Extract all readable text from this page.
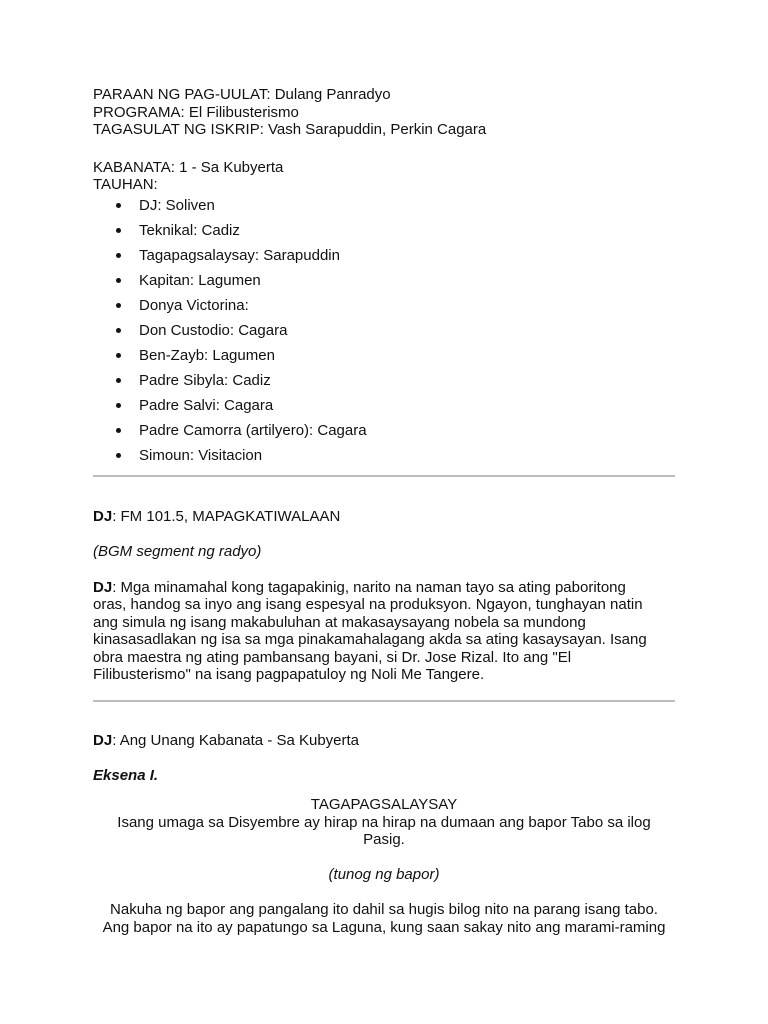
PARAAN NG PAG-UULAT: Dulang Panradyo
PROGRAMA: El Filibusterismo
TAGASULAT NG ISKRIP: Vash Sarapuddin, Perkin Cagara
KABANATA: 1 - Sa Kubyerta
TAUHAN:
DJ: Soliven
Teknikal: Cadiz
Tagapagsalaysay: Sarapuddin
Kapitan: Lagumen
Donya Victorina:
Don Custodio: Cagara
Ben-Zayb: Lagumen
Padre Sibyla: Cadiz
Padre Salvi: Cagara
Padre Camorra (artilyero): Cagara
Simoun: Visitacion
DJ: FM 101.5, MAPAGKATIWALAAN
(BGM segment ng radyo)
DJ: Mga minamahal kong tagapakinig, narito na naman tayo sa ating paboritong
oras, handog sa inyo ang isang espesyal na produksyon. Ngayon, tunghayan natin
ang simula ng isang makabuluhan at makasaysayang nobela sa mundong
kinasasadlakan ng isa sa mga pinakamahalagang akda sa ating kasaysayan. Isang
obra maestra ng ating pambansang bayani, si Dr. Jose Rizal. Ito ang "El
Filibusterismo" na isang pagpapatuloy ng Noli Me Tangere.
DJ: Ang Unang Kabanata - Sa Kubyerta
Eksena I.
TAGAPAGSALAYSAY
Isang umaga sa Disyembre ay hirap na hirap na dumaan ang bapor Tabo sa ilog
Pasig.
(tunog ng bapor)
Nakuha ng bapor ang pangalang ito dahil sa hugis bilog nito na parang isang tabo.
Ang bapor na ito ay papatungo sa Laguna, kung saan sakay nito ang marami-raming
